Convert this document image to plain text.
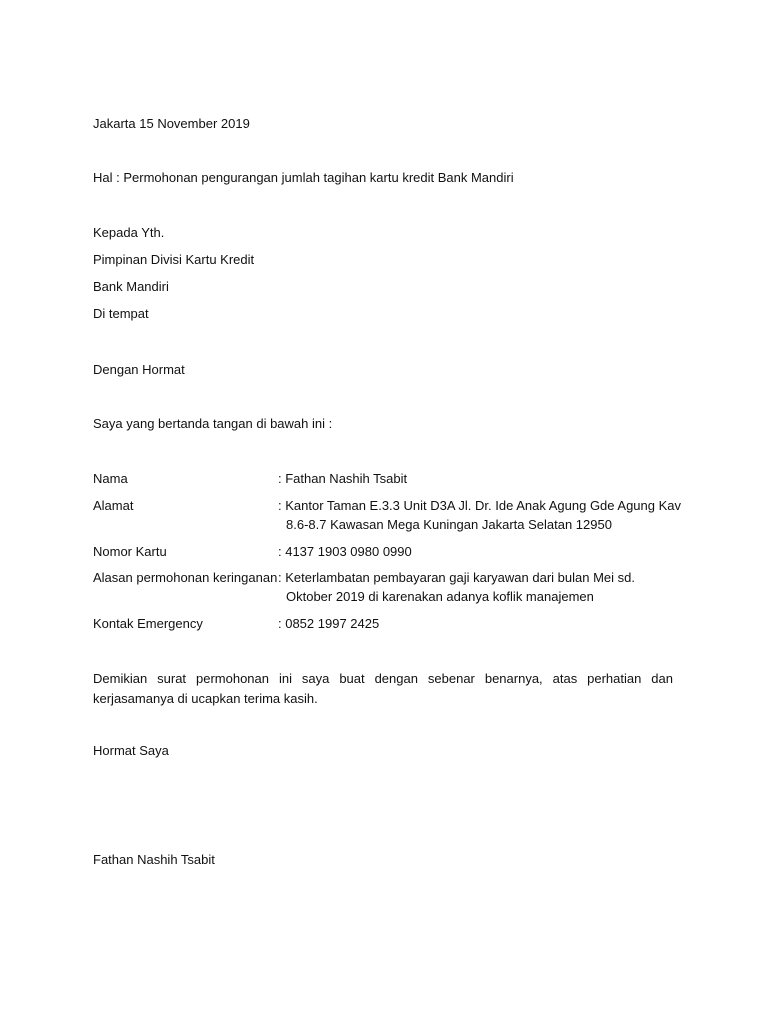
Jakarta 15 November 2019
Hal : Permohonan pengurangan jumlah tagihan kartu kredit Bank Mandiri
Kepada Yth.
Pimpinan Divisi Kartu Kredit
Bank Mandiri
Di tempat
Dengan Hormat
Saya yang bertanda tangan di bawah ini :
Nama	: Fathan Nashih Tsabit
Alamat	: Kantor Taman E.3.3 Unit D3A Jl. Dr. Ide Anak Agung Gde Agung Kav
8.6-8.7 Kawasan Mega Kuningan Jakarta Selatan 12950
Nomor Kartu	: 4137 1903 0980 0990
Alasan permohonan keringanan : Keterlambatan pembayaran gaji karyawan dari bulan Mei sd.
Oktober 2019 di karenakan adanya koflik manajemen
Kontak Emergency	: 0852 1997 2425
Demikian surat permohonan ini saya buat dengan sebenar benarnya, atas perhatian dan kerjasamanya di ucapkan terima kasih.
Hormat Saya
Fathan Nashih Tsabit
